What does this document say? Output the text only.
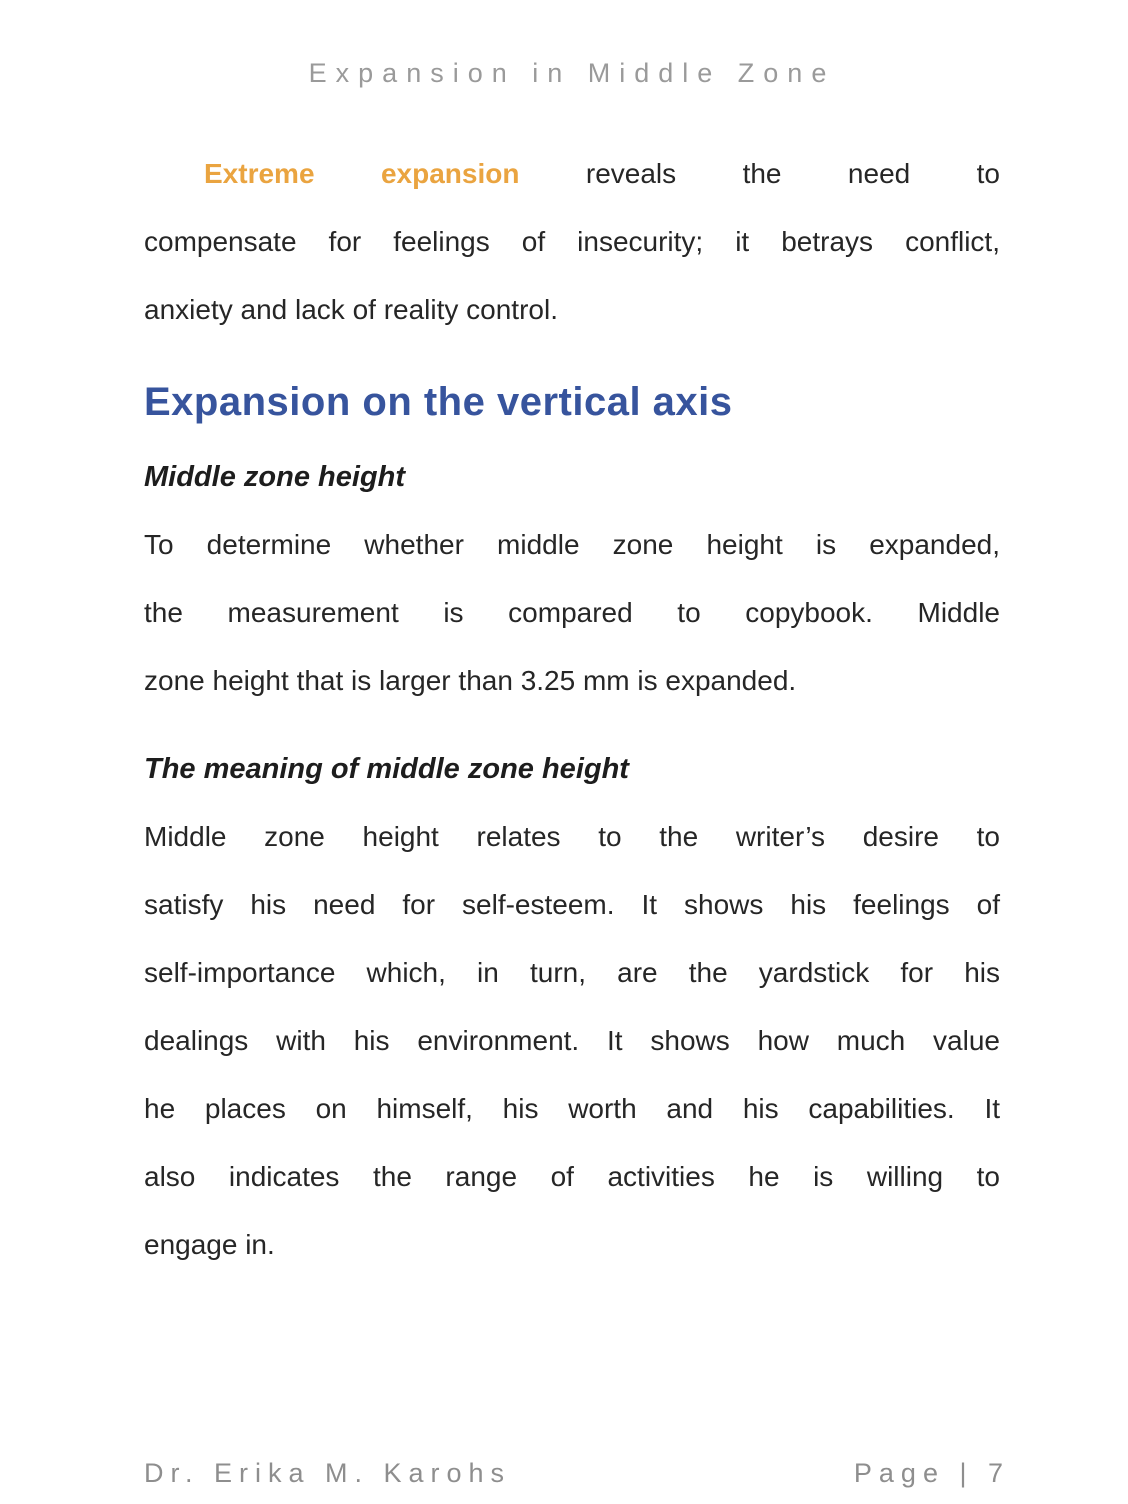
Expansion in Middle Zone
Extreme expansion reveals the need to
compensate for feelings of insecurity; it betrays conflict,
anxiety and lack of reality control.
Expansion on the vertical axis
Middle zone height
To determine whether middle zone height is expanded,
the measurement is compared to copybook. Middle
zone height that is larger than 3.25 mm is expanded.
The meaning of middle zone height
Middle zone height relates to the writer’s desire to
satisfy his need for self-esteem. It shows his feelings of
self-importance which, in turn, are the yardstick for his
dealings with his environment. It shows how much value
he places on himself, his worth and his capabilities. It
also indicates the range of activities he is willing to
engage in.
Dr. Erika M. Karohs	Page | 7
